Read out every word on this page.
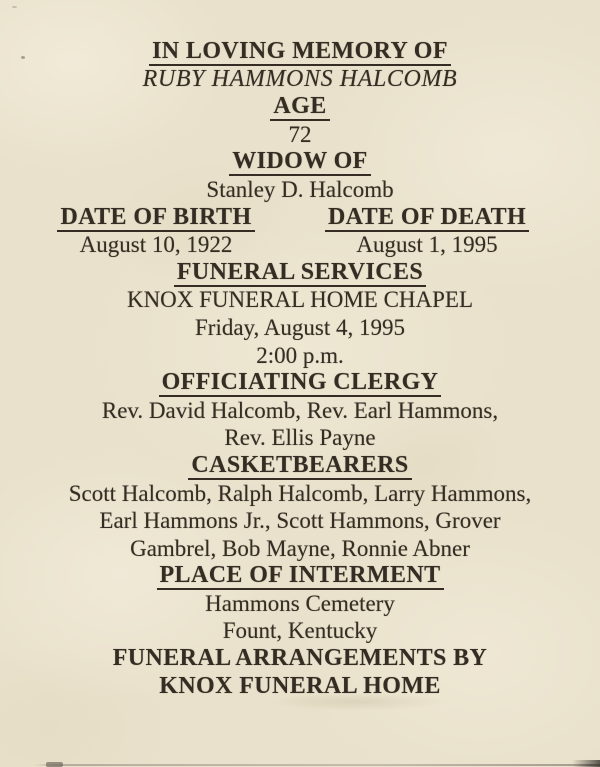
IN LOVING MEMORY OF
RUBY HAMMONS HALCOMB
AGE
72
WIDOW OF
Stanley D. Halcomb
DATE OF BIRTH	DATE OF DEATH
August 10, 1922	August 1, 1995
FUNERAL SERVICES
KNOX FUNERAL HOME CHAPEL
Friday, August 4, 1995
2:00 p.m.
OFFICIATING CLERGY
Rev. David Halcomb, Rev. Earl Hammons,
Rev. Ellis Payne
CASKETBEARERS
Scott Halcomb, Ralph Halcomb, Larry Hammons,
Earl Hammons Jr., Scott Hammons, Grover
Gambrel, Bob Mayne, Ronnie Abner
PLACE OF INTERMENT
Hammons Cemetery
Fount, Kentucky
FUNERAL ARRANGEMENTS BY
KNOX FUNERAL HOME
